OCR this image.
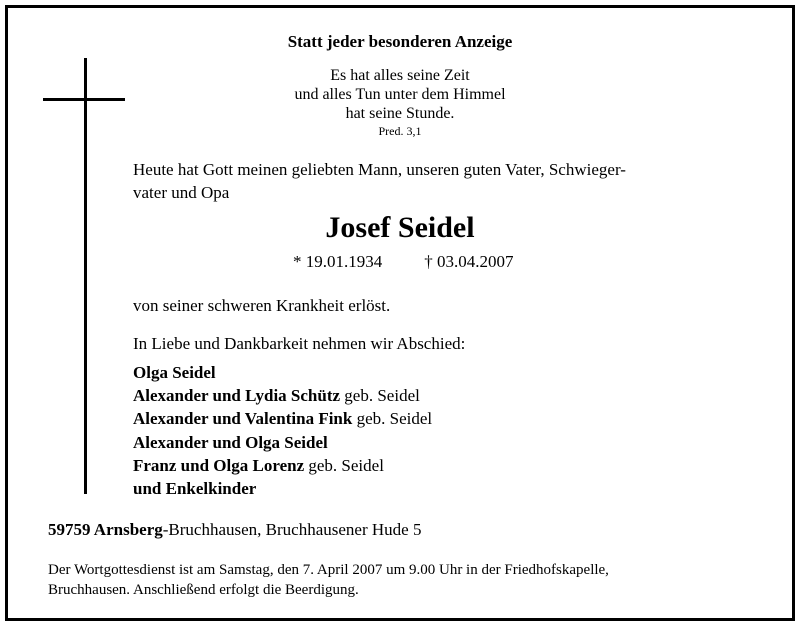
Statt jeder besonderen Anzeige
Es hat alles seine Zeit
und alles Tun unter dem Himmel
hat seine Stunde.
Pred. 3,1
Heute hat Gott meinen geliebten Mann, unseren guten Vater, Schwieger-
vater und Opa
Josef Seidel
* 19.01.1934 † 03.04.2007
von seiner schweren Krankheit erlöst.
In Liebe und Dankbarkeit nehmen wir Abschied:
Olga Seidel
Alexander und Lydia Schütz geb. Seidel
Alexander und Valentina Fink geb. Seidel
Alexander und Olga Seidel
Franz und Olga Lorenz geb. Seidel
und Enkelkinder
59759 Arnsberg-Bruchhausen, Bruchhausener Hude 5
Der Wortgottesdienst ist am Samstag, den 7. April 2007 um 9.00 Uhr in der Friedhofskapelle,
Bruchhausen. Anschließend erfolgt die Beerdigung.
